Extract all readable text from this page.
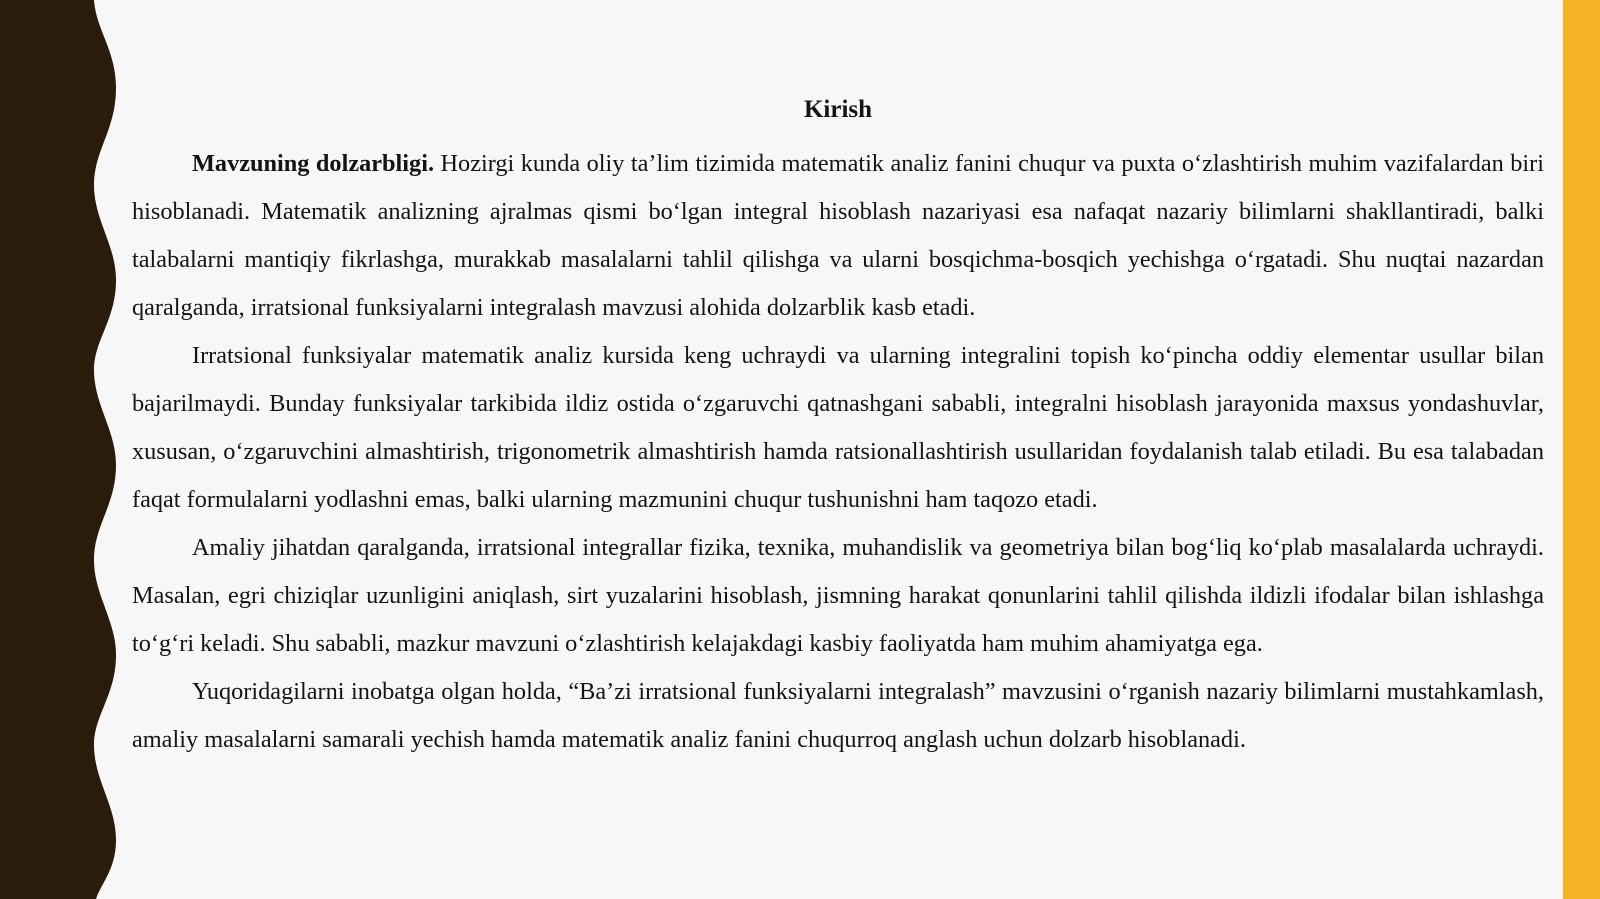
Kirish

Mavzuning dolzarbligi. Hozirgi kunda oliy ta’lim tizimida matematik analiz fanini chuqur va puxta o‘zlashtirish muhim vazifalardan biri hisoblanadi. Matematik analizning ajralmas qismi bo‘lgan integral hisoblash nazariyasi esa nafaqat nazariy bilimlarni shakllantiradi, balki talabalarni mantiqiy fikrlashga, murakkab masalalarni tahlil qilishga va ularni bosqichma-bosqich yechishga o‘rgatadi. Shu nuqtai nazardan qaralganda, irratsional funksiyalarni integralash mavzusi alohida dolzarblik kasb etadi.

Irratsional funksiyalar matematik analiz kursida keng uchraydi va ularning integralini topish ko‘pincha oddiy elementar usullar bilan bajarilmaydi. Bunday funksiyalar tarkibida ildiz ostida o‘zgaruvchi qatnashgani sababli, integralni hisoblash jarayonida maxsus yondashuvlar, xususan, o‘zgaruvchini almashtirish, trigonometrik almashtirish hamda ratsionallashtirish usullaridan foydalanish talab etiladi. Bu esa talabadan faqat formulalarni yodlashni emas, balki ularning mazmunini chuqur tushunishni ham taqozo etadi.

Amaliy jihatdan qaralganda, irratsional integrallar fizika, texnika, muhandislik va geometriya bilan bog‘liq ko‘plab masalalarda uchraydi. Masalan, egri chiziqlar uzunligini aniqlash, sirt yuzalarini hisoblash, jismning harakat qonunlarini tahlil qilishda ildizli ifodalar bilan ishlashga to‘g‘ri keladi. Shu sababli, mazkur mavzuni o‘zlashtirish kelajakdagi kasbiy faoliyatda ham muhim ahamiyatga ega.

Yuqoridagilarni inobatga olgan holda, “Ba’zi irratsional funksiyalarni integralash” mavzusini o‘rganish nazariy bilimlarni mustahkamlash, amaliy masalalarni samarali yechish hamda matematik analiz fanini chuqurroq anglash uchun dolzarb hisoblanadi.
